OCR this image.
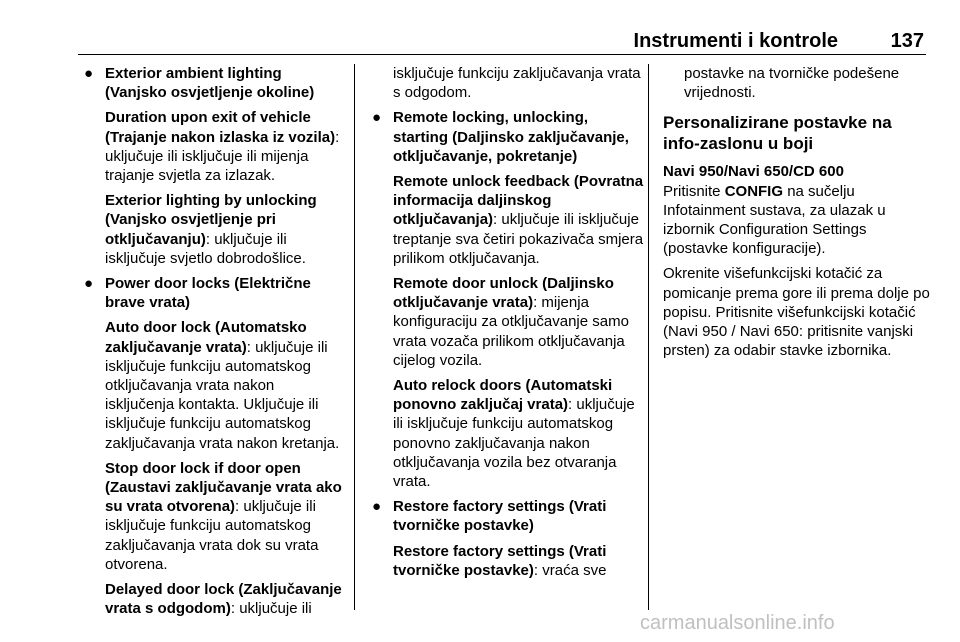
Instrumenti i kontrole	137
● Exterior ambient lighting (Vanjsko osvjetljenje okoline)
Duration upon exit of vehicle (Trajanje nakon izlaska iz vozila): uključuje ili isključuje ili mijenja trajanje svjetla za izlazak.
Exterior lighting by unlocking (Vanjsko osvjetljenje pri otključavanju): uključuje ili isključuje svjetlo dobrodošlice.
● Power door locks (Električne brave vrata)
Auto door lock (Automatsko zaključavanje vrata): uključuje ili isključuje funkciju automatskog otključavanja vrata nakon isključenja kontakta. Uključuje ili isključuje funkciju automatskog zaključavanja vrata nakon kretanja.
Stop door lock if door open (Zaustavi zaključavanje vrata ako su vrata otvorena): uključuje ili isključuje funkciju automatskog zaključavanja vrata dok su vrata otvorena.
Delayed door lock (Zaključavanje vrata s odgodom): uključuje ili
isključuje funkciju zaključavanja vrata s odgodom.
● Remote locking, unlocking, starting (Daljinsko zaključavanje, otključavanje, pokretanje)
Remote unlock feedback (Povratna informacija daljinskog otključavanja): uključuje ili isključuje treptanje sva četiri pokazivača smjera prilikom otključavanja.
Remote door unlock (Daljinsko otključavanje vrata): mijenja konfiguraciju za otključavanje samo vrata vozača prilikom otključavanja cijelog vozila.
Auto relock doors (Automatski ponovno zaključaj vrata): uključuje ili isključuje funkciju automatskog ponovno zaključavanja nakon otključavanja vozila bez otvaranja vrata.
● Restore factory settings (Vrati tvorničke postavke)
Restore factory settings (Vrati tvorničke postavke): vraća sve
postavke na tvorničke podešene vrijednosti.
Personalizirane postavke na info-zaslonu u boji
Navi 950/Navi 650/CD 600
Pritisnite CONFIG na sučelju Infotainment sustava, za ulazak u izbornik Configuration Settings (postavke konfiguracije).
Okrenite višefunkcijski kotačić za pomicanje prema gore ili prema dolje po popisu. Pritisnite višefunkcijski kotačić (Navi 950 / Navi 650: pritisnite vanjski prsten) za odabir stavke izbornika.
carmanualsonline.info
